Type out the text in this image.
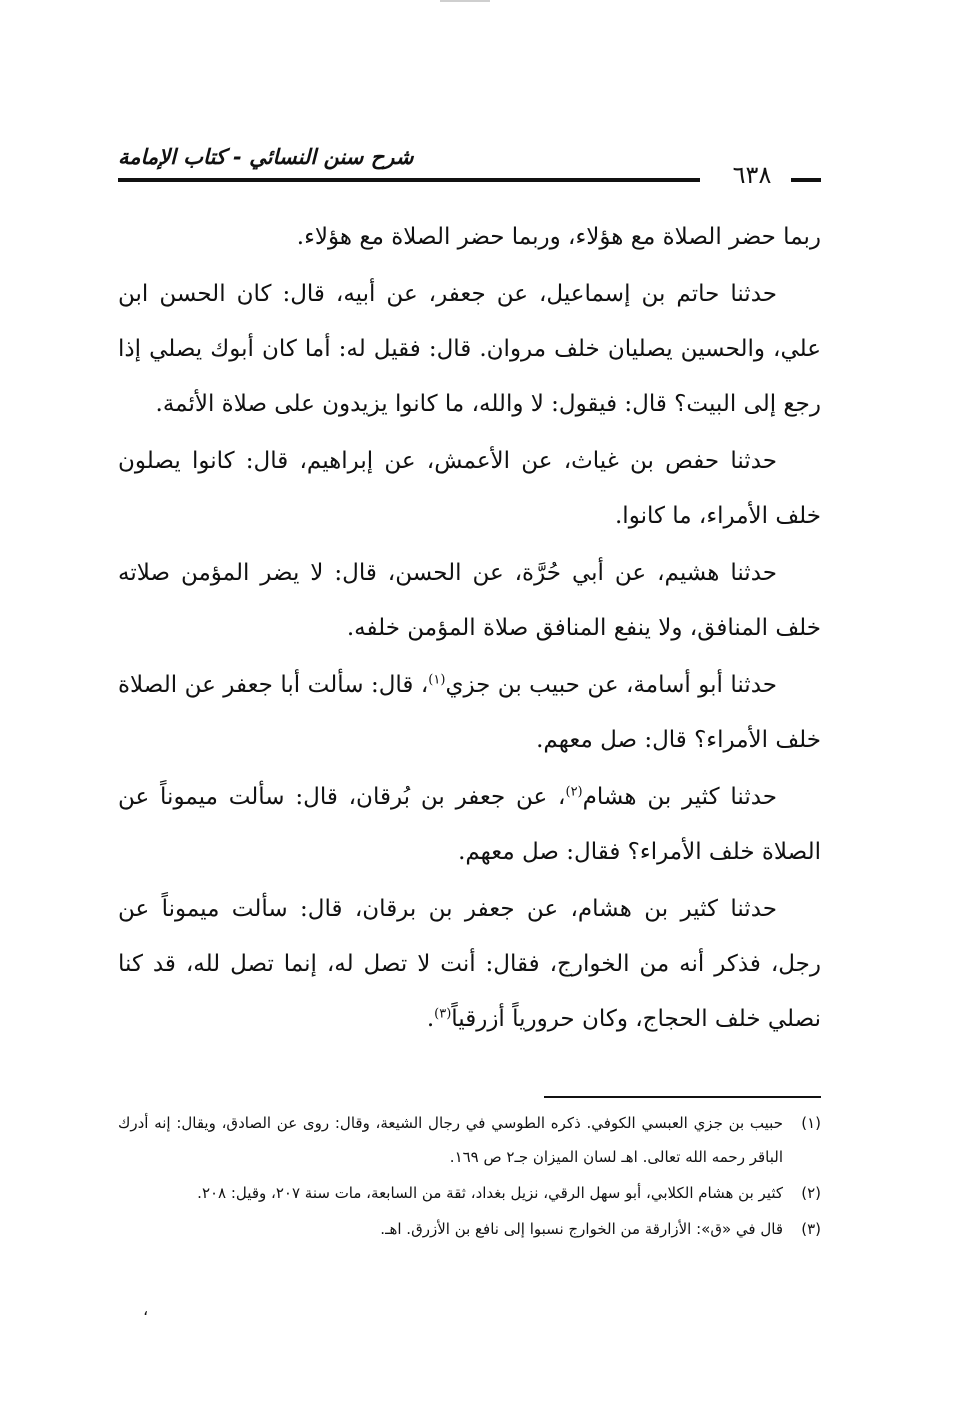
شرح سنن النسائي - كتاب الإمامة
٦٣٨

ربما حضر الصلاة مع هؤلاء، وربما حضر الصلاة مع هؤلاء.

حدثنا حاتم بن إسماعيل، عن جعفر، عن أبيه، قال: كان الحسن ابن علي، والحسين يصليان خلف مروان. قال: فقيل له: أما كان أبوك يصلي إذا رجع إلى البيت؟ قال: فيقول: لا والله، ما كانوا يزيدون على صلاة الأئمة.

حدثنا حفص بن غياث، عن الأعمش، عن إبراهيم، قال: كانوا يصلون خلف الأمراء، ما كانوا.

حدثنا هشيم، عن أبي حُرَّة، عن الحسن، قال: لا يضر المؤمن صلاته خلف المنافق، ولا ينفع المنافق صلاة المؤمن خلفه.

حدثنا أبو أسامة، عن حبيب بن جزي$^{(١)}$، قال: سألت أبا جعفر عن الصلاة خلف الأمراء؟ قال: صل معهم.

حدثنا كثير بن هشام$^{(٢)}$، عن جعفر بن بُرقان، قال: سألت ميموناً عن الصلاة خلف الأمراء؟ فقال: صل معهم.

حدثنا كثير بن هشام، عن جعفر بن برقان، قال: سألت ميموناً عن رجل، فذكر أنه من الخوارج، فقال: أنت لا تصل له، إنما تصل لله، قد كنا نصلي خلف الحجاج، وكان حرورياً أزرقياً$^{(٣)}$.

(١)
حبيب بن جزي العبسي الكوفي. ذكره الطوسي في رجال الشيعة، وقال: روى عن الصادق، ويقال: إنه أدرك الباقر رحمه الله تعالى. اهـ لسان الميزان جـ٢ ص ١٦٩.
(٢)
كثير بن هشام الكلابي، أبو سهل الرقي، نزيل بغداد، ثقة من السابعة، مات سنة ٢٠٧، وقيل: ٢٠٨.
(٣)
قال في «ق»: الأزارقة من الخوارج نسبوا إلى نافع بن الأزرق. اهـ.
،
